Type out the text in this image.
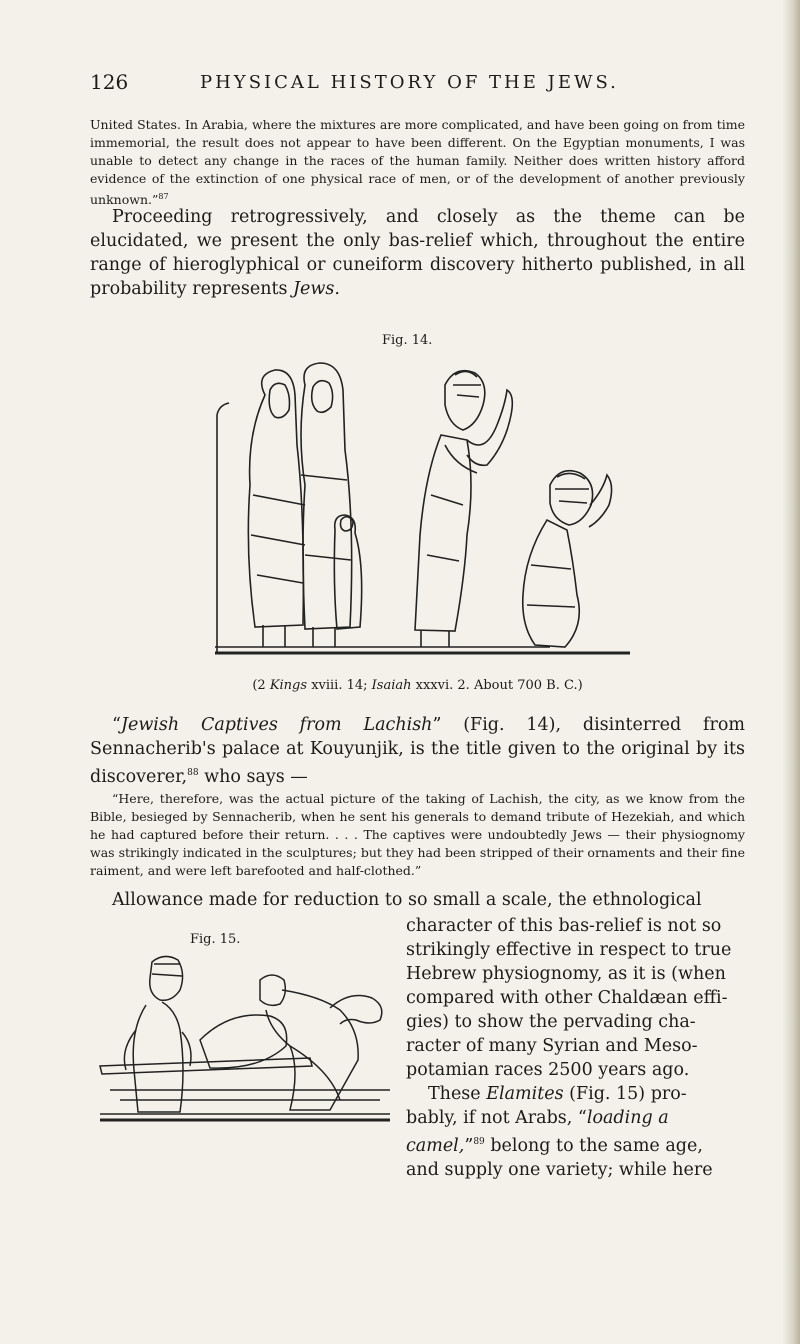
126	PHYSICAL HISTORY OF THE JEWS.
United States. In Arabia, where the mixtures are more complicated, and have been going on from time immemorial, the result does not appear to have been different. On the Egyptian monuments, I was unable to detect any change in the races of the human family. Neither does written history afford evidence of the extinction of one physical race of men, or of the development of another previously unknown.”$^{87}$
Proceeding retrogressively, and closely as the theme can be elucidated, we present the only bas-relief which, throughout the entire range of hieroglyphical or cuneiform discovery hitherto published, in all probability represents Jews.
Fig. 14.
(2 Kings xviii. 14; Isaiah xxxvi. 2. About 700 B. C.)
“Jewish Captives from Lachish” (Fig. 14), disinterred from Sennacherib's palace at Kouyunjik, is the title given to the original by its discoverer,$^{88}$ who says —
“Here, therefore, was the actual picture of the taking of Lachish, the city, as we know from the Bible, besieged by Sennacherib, when he sent his generals to demand tribute of Hezekiah, and which he had captured before their return. . . . The captives were undoubtedly Jews — their physiognomy was strikingly indicated in the sculptures; but they had been stripped of their ornaments and their fine raiment, and were left barefooted and half-clothed.”
Allowance made for reduction to so small a scale, the ethnological
Fig. 15.
character of this bas-relief is not so
strikingly effective in respect to true
Hebrew physiognomy, as it is (when
compared with other Chaldæan effi-
gies) to show the pervading cha-
racter of many Syrian and Meso-
potamian races 2500 years ago.
These Elamites (Fig. 15) pro-
bably, if not Arabs, “loading a
camel,”$^{89}$ belong to the same age,
and supply one variety; while here
